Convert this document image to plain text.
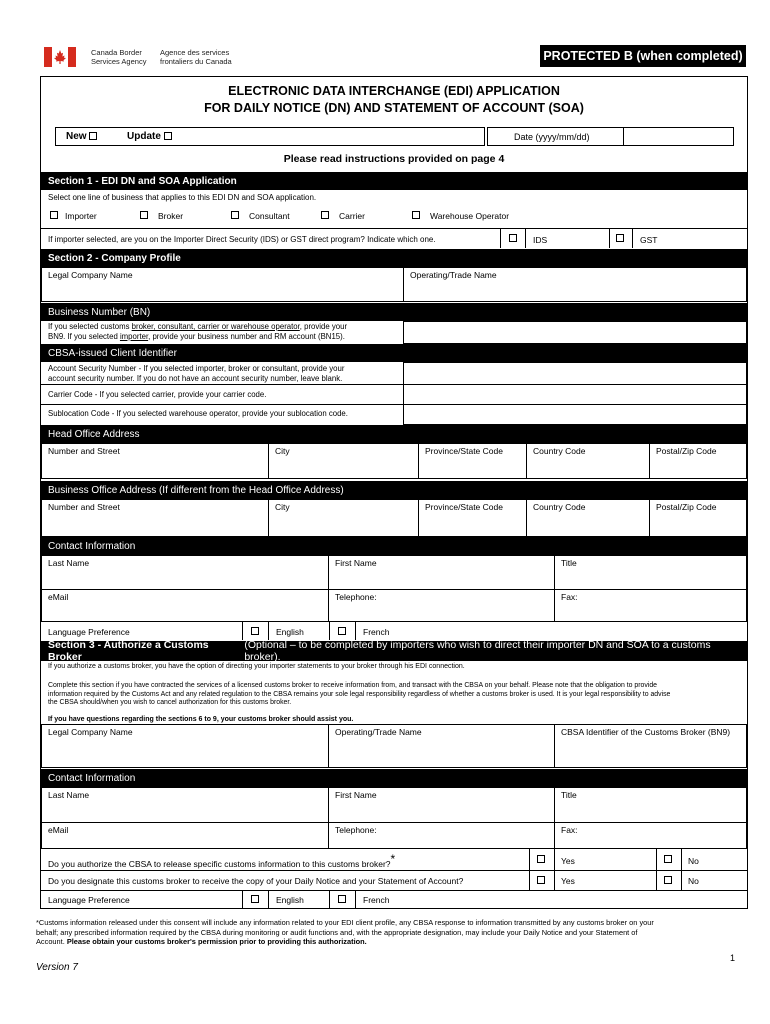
Canada Border
Services Agency
Agence des services
frontaliers du Canada	PROTECTED B (when completed)
ELECTRONIC DATA INTERCHANGE (EDI) APPLICATION
FOR DAILY NOTICE (DN) AND STATEMENT OF ACCOUNT (SOA)
New	Update	Date (yyyy/mm/dd)
Please read instructions provided on page 4
Section 1 - EDI DN and SOA Application
Select one line of business that applies to this EDI DN and SOA application.
Importer	Broker	Consultant	Carrier	Warehouse Operator
If importer selected, are you on the Importer Direct Security (IDS) or GST direct program? Indicate which one.	IDS	GST
Section 2 - Company Profile
Legal Company Name	Operating/Trade Name
Business Number (BN)
If you selected customs broker, consultant, carrier or warehouse operator, provide your
BN9. If you selected importer, provide your business number and RM account (BN15).
CBSA-issued Client Identifier
Account Security Number - If you selected importer, broker or consultant, provide your
account security number. If you do not have an account security number, leave blank.
Carrier Code - If you selected carrier, provide your carrier code.
Sublocation Code - If you selected warehouse operator, provide your sublocation code.
Head Office Address
Number and Street	City	Province/State Code	Country Code	Postal/Zip Code
Business Office Address (If different from the Head Office Address)
Number and Street	City	Province/State Code	Country Code	Postal/Zip Code
Contact Information
Last Name	First Name	Title
eMail	Telephone:	Fax:
Language Preference	English	French
Section 3 - Authorize a Customs Broker
(Optional – to be completed by importers who wish to direct their importer DN and SOA to a customs broker).
If you authorize a customs broker, you have the option of directing your importer statements to your broker through his EDI connection.
Complete this section if you have contracted the services of a licensed customs broker to receive information from, and transact with the CBSA on your behalf. Please note that the obligation to provide
information required by the Customs Act and any related regulation to the CBSA remains your sole legal responsibility regardless of whether a customs broker is used. It is your legal responsibility to advise
the CBSA should/when you wish to cancel authorization for this customs broker.
If you have questions regarding the sections 6 to 9, your customs broker should assist you.
Legal Company Name	Operating/Trade Name	CBSA Identifier of the Customs Broker (BN9)
Contact Information
Last Name	First Name	Title
eMail	Telephone:	Fax:
Do you authorize the CBSA to release specific customs information to this customs broker?*	Yes	No
Do you designate this customs broker to receive the copy of your Daily Notice and your Statement of Account?	Yes	No
Language Preference	English	French
*Customs information released under this consent will include any information related to your EDI client profile, any CBSA response to information transmitted by any customs broker on your
behalf; any prescribed information required by the CBSA during monitoring or audit functions and, with the appropriate designation, may include your Daily Notice and your Statement of
Account. Please obtain your customs broker's permission prior to providing this authorization.
1
Version 7
